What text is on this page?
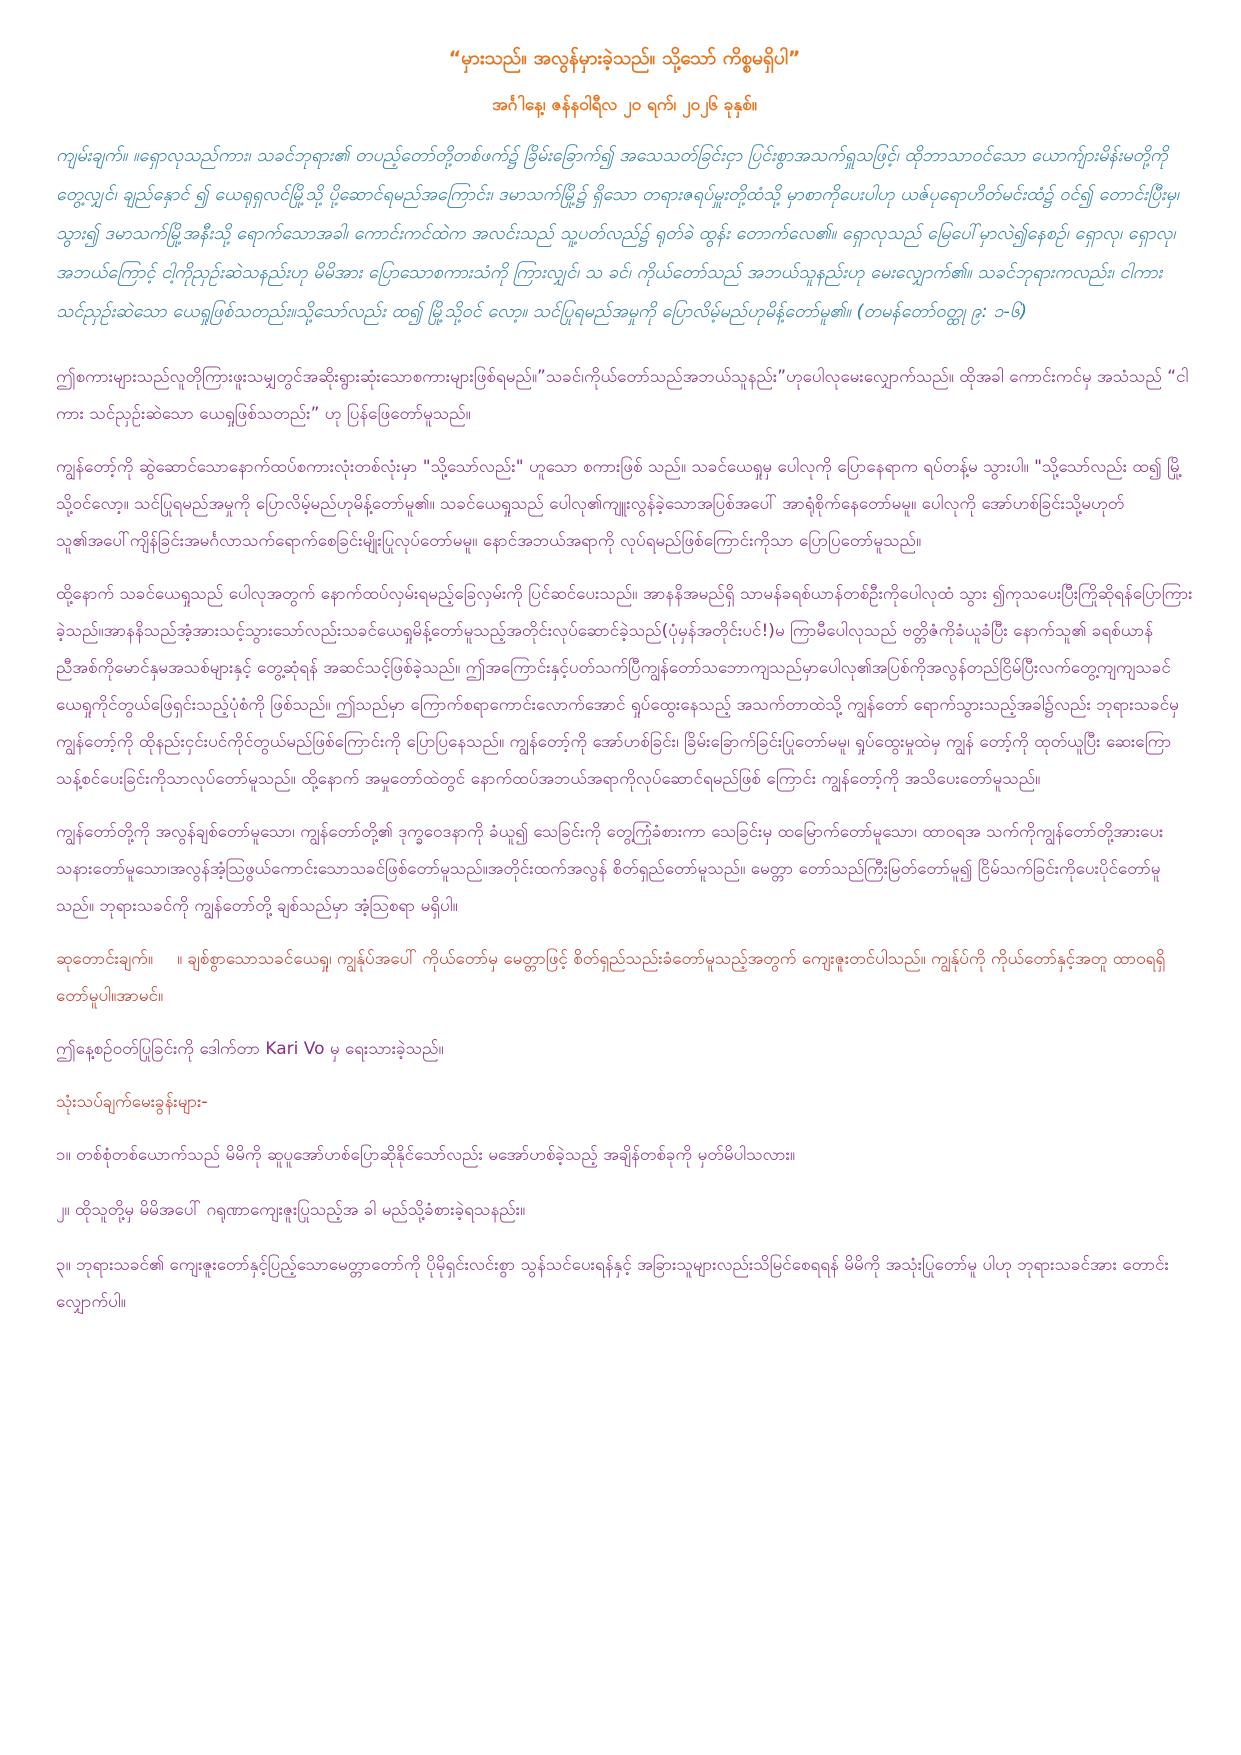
“မှားသည်။ အလွန်မှားခဲ့သည်။ သို့သော် ကိစ္စမရှိပါ”
အင်္ဂါနေ့၊ ဇန်နဝါရီလ ၂၀ ရက်၊ ၂၀၂၆ ခုနှစ်။
ကျမ်းချက်။ ။ရှောလုသည်ကား၊ သခင်ဘုရား၏ တပည့်တော်တို့တစ်ဖက်၌ ခြိမ်းခြောက်၍ အသေသတ်ခြင်းငှာ ပြင်းစွာအသက်ရှူသဖြင့်၊ ထိုဘာသာဝင်သော ယောက်ျားမိန်းမတို့ကို တွေ့လျှင်၊ ချည်နှောင် ၍ ယေရုရှလင်မြို့သို့ ပို့ဆောင်ရမည်အကြောင်း၊ ဒမာသက်မြို့၌ ရှိသော တရားဇရပ်မှူးတို့ထံသို့ မှာစာကိုပေးပါဟု ယဇ်ပုရောဟိတ်မင်းထံ၌ ဝင်၍ တောင်းပြီးမှ၊ သွား၍ ဒမာသက်မြို့အနီးသို့ ရောက်သောအခါ၊ ကောင်းကင်ထဲက အလင်းသည် သူ့ပတ်လည်၌ ရုတ်ခဲ ထွန်း တောက်လေ၏။ ရှောလုသည် မြေပေါ်မှာလဲ၍နေစဉ်၊ ရှောလု၊ ရှောလု၊ အဘယ်ကြောင့် ငါ့ကိုညှဉ်းဆဲသနည်းဟု မိမိအား ပြောသောစကားသံကို ကြားလျှင်၊ သ ခင်၊ ကိုယ်တော်သည် အဘယ်သူနည်းဟု မေးလျှောက်၏။ သခင်ဘုရားကလည်း၊ ငါကား သင်ညှဉ်းဆဲသော ယေရှုဖြစ်သတည်း။သို့သော်လည်း ထ၍ မြို့သို့ဝင် လော့။ သင်ပြုရမည်အမှုကို ပြောလိမ့်မည်ဟုမိန့်တော်မူ၏။ (တမန်တော်ဝတ္ထု ၉: ၁-၆)

ဤစကားများသည်လူတိုကြားဖူးသမျှတွင်အဆိုးရွားဆုံးသောစကားများဖြစ်ရမည်။”သခင်၊ကိုယ်တော်သည်အဘယ်သူနည်း”ဟုပေါလုမေးလျှောက်သည်။ ထိုအခါ ကောင်းကင်မှ အသံသည် “ငါကား သင်ညှဉ်းဆဲသော ယေရှုဖြစ်သတည်း” ဟု ပြန်ဖြေတော်မူသည်။

ကျွန်တော့်ကို ဆွဲဆောင်သောနောက်ထပ်စကားလုံးတစ်လုံးမှာ "သို့သော်လည်း" ဟူသော စကားဖြစ် သည်။ သခင်ယေရှုမှ ပေါလုကို ပြောနေရာက ရပ်တန့်မ သွားပါ။ "သို့သော်လည်း ထ၍ မြို့သို့ဝင်လော့။ သင်ပြုရမည်အမှုကို ပြောလိမ့်မည်ဟုမိန့်တော်မူ၏။ သခင်ယေရှုသည် ပေါလု၏ကျူးလွန်ခဲ့သောအပြစ်အပေါ် အာရုံစိုက်နေတော်မမူ။ ပေါလုကို အော်ဟစ်ခြင်းသို့မဟုတ်သူ၏အပေါ်ကျိန်ခြင်းအမင်္ဂလာသက်ရောက်စေခြင်းမျိုးပြုလုပ်တော်မမူ။ နောင်အဘယ်အရာကို လုပ်ရမည်ဖြစ်ကြောင်းကိုသာ ပြောပြတော်မူသည်။

ထို့နောက် သခင်ယေရှုသည် ပေါလုအတွက် နောက်ထပ်လှမ်းရမည့်ခြေလှမ်းကို ပြင်ဆင်ပေးသည်။ အာနနိအမည်ရှိ သာမန်ခရစ်ယာန်တစ်ဦးကိုပေါလုထံ သွား ၍ကုသပေးပြီးကြိုဆိုရန်ပြောကြားခဲ့သည်။အာနနိသည်အံ့အားသင့်သွားသော်လည်းသခင်ယေရှုမိန့်တော်မူသည့်အတိုင်းလုပ်ဆောင်ခဲ့သည်(ပုံမှန်အတိုင်းပင်!)မ ကြာမီပေါလုသည် ဗတ္တိဇံကိုခံယူခံပြီး နောက်သူ၏ ခရစ်ယာန်ညီအစ်ကိုမောင်နှမအသစ်များနှင့် တွေ့ဆုံရန် အဆင်သင့်ဖြစ်ခဲ့သည်။ ဤအကြောင်းနှင့်ပတ်သက်ပြီကျွန်တော်သဘောကျသည်မှာပေါလု၏အပြစ်ကိုအလွန်တည်ငြိမ်ပြီးလက်တွေ့ကျကျသခင်ယေရှုကိုင်တွယ်ဖြေရှင်းသည့်ပုံစံကို ဖြစ်သည်။ ဤသည်မှာ ကြောက်စရာကောင်းလောက်အောင် ရှုပ်ထွေးနေသည့် အသက်တာထဲသို့ ကျွန်တော် ရောက်သွားသည့်အခါ၌လည်း ဘုရားသခင်မှ ကျွန်တော့်ကို ထိုနည်းငှင်းပင်ကိုင်တွယ်မည်ဖြစ်ကြောင်းကို ပြောပြနေသည်။ ကျွန်တော့်ကို အော်ဟစ်ခြင်း၊ ခြိမ်းခြောက်ခြင်းပြုတော်မမူ၊ ရှုပ်ထွေးမှုထဲမှ ကျွန် တော့်ကို ထုတ်ယူပြီး ဆေးကြောသန့်စင်ပေးခြင်းကိုသာလုပ်တော်မူသည်။ ထို့နောက် အမှုတော်ထဲတွင် နောက်ထပ်အဘယ်အရာကိုလုပ်ဆောင်ရမည်ဖြစ် ကြောင်း ကျွန်တော့်ကို အသိပေးတော်မူသည်။

ကျွန်တော်တို့ကို အလွန်ချစ်တော်မူသော၊ ကျွန်တော်တို့၏ ဒုက္ခဝေဒနာကို ခံယူ၍ သေခြင်းကို တွေ့ကြုံခံစားကာ သေခြင်းမှ ထမြောက်တော်မူသော၊ ထာဝရအ သက်ကိုကျွန်တော်တို့အားပေးသနားတော်မူသော၊အလွန်အံ့သြဖွယ်ကောင်းသောသခင်ဖြစ်တော်မူသည်။အတိုင်းထက်အလွန် စိတ်ရှည်တော်မူသည်။ မေတ္တာ တော်သည်ကြီးမြတ်တော်မူ၍ ငြိမ်သက်ခြင်းကိုပေးပိုင်တော်မူသည်။ ဘုရားသခင်ကို ကျွန်တော်တို့ ချစ်သည်မှာ အံ့သြစရာ မရှိပါ။

ဆုတောင်းချက်။ ။ ချစ်စွာသောသခင်ယေရှု၊ ကျွန်ုပ်အပေါ် ကိုယ်တော်မှ မေတ္တာဖြင့် စိတ်ရှည်သည်းခံတော်မူသည့်အတွက် ကျေးဇူးတင်ပါသည်။ ကျွန်ုပ်ကို ကိုယ်တော်နှင့်အတူ ထာဝရရှိတော်မူပါ။အာမင်။
ဤနေ့စဉ်ဝတ်ပြုခြင်းကို ဒေါက်တာ Kari Vo မှ ရေးသားခဲ့သည်။
သုံးသပ်ချက်မေးခွန်းများ-
၁။ တစ်စုံတစ်ယောက်သည် မိမိကို ဆူပူအော်ဟစ်ပြောဆိုနိုင်သော်လည်း မအော်ဟစ်ခဲ့သည့် အချိန်တစ်ခုကို မှတ်မိပါသလား။
၂။ ထိုသူတို့မှ မိမိအပေါ် ဂရုဏာကျေးဇူးပြုသည့်အ ခါ မည်သို့ခံစားခဲ့ရသနည်း။
၃။ ဘုရားသခင်၏ ကျေးဇူးတော်နှင့်ပြည့်သောမေတ္တာတော်ကို ပိုမိုရှင်းလင်းစွာ သွန်သင်ပေးရန်နှင့် အခြားသူများလည်းသိမြင်စေရရန် မိမိကို အသုံးပြုတော်မူ ပါဟု ဘုရားသခင်အား တောင်းလျှောက်ပါ။
